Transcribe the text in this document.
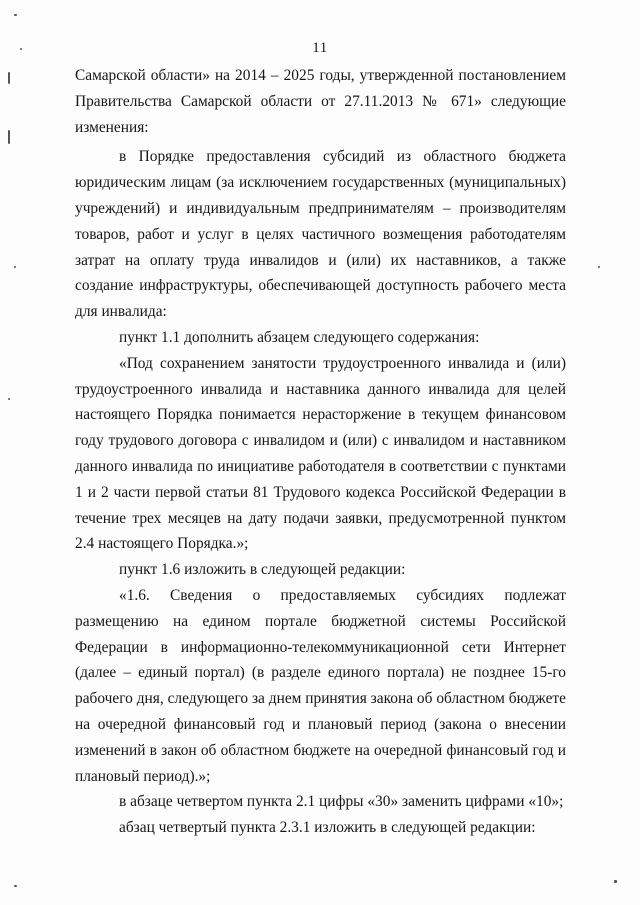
11

Самарской области» на 2014 – 2025 годы, утвержденной постановлением Правительства Самарской области от 27.11.2013 № 671» следующие изменения:

в Порядке предоставления субсидий из областного бюджета юридическим лицам (за исключением государственных (муниципальных) учреждений) и индивидуальным предпринимателям – производителям товаров, работ и услуг в целях частичного возмещения работодателям затрат на оплату труда инвалидов и (или) их наставников, а также создание инфраструктуры, обеспечивающей доступность рабочего места для инвалида:

пункт 1.1 дополнить абзацем следующего содержания:

«Под сохранением занятости трудоустроенного инвалида и (или) трудоустроенного инвалида и наставника данного инвалида для целей настоящего Порядка понимается нерасторжение в текущем финансовом году трудового договора с инвалидом и (или) с инвалидом и наставником данного инвалида по инициативе работодателя в соответствии с пунктами 1 и 2 части первой статьи 81 Трудового кодекса Российской Федерации в течение трех месяцев на дату подачи заявки, предусмотренной пунктом 2.4 настоящего Порядка.»;

пункт 1.6 изложить в следующей редакции:

«1.6. Сведения о предоставляемых субсидиях подлежат размещению на едином портале бюджетной системы Российской Федерации в информационно-телекоммуникационной сети Интернет (далее – единый портал) (в разделе единого портала) не позднее 15-го рабочего дня, следующего за днем принятия закона об областном бюджете на очередной финансовый год и плановый период (закона о внесении изменений в закон об областном бюджете на очередной финансовый год и плановый период).»;

в абзаце четвертом пункта 2.1 цифры «30» заменить цифрами «10»;

абзац четвертый пункта 2.3.1 изложить в следующей редакции:
